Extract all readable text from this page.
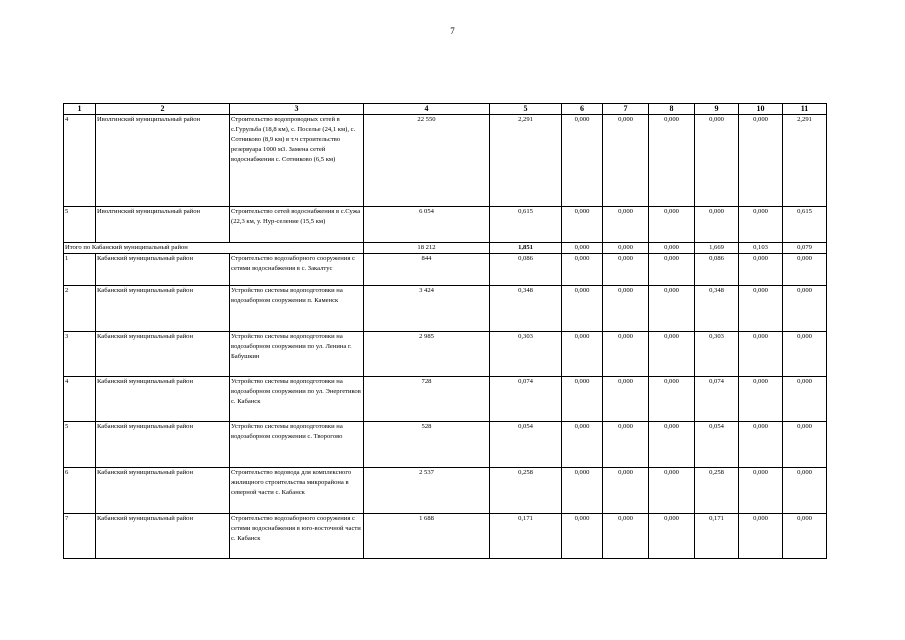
7
1	2	3	4	5	6	7	8	9	10	11
4	Иволгинский муниципальный район	Строительство водопроводных сетей в с.Гурульба (18,8 км), с. Поселье (24,1 км), с. Сотниково (8,9 км) в т.ч строительство резервуара 1000 м3. Замена сетей водоснабжения с. Сотниково (6,5 км)	22 550	2,291	0,000	0,000	0,000	0,000	0,000	2,291
5	Иволгинский муниципальный район	Строительство сетей водоснабжения в с.Сужа (22,3 км, у. Нур-селение (15,5 км)	6 054	0,615	0,000	0,000	0,000	0,000	0,000	0,615
Итого по Кабанский муниципальный район			18 212	1,851	0,000	0,000	0,000	1,669	0,103	0,079
1	Кабанский муниципальный район	Строительство водозаборного сооружения с сетями водоснабжения в с. Закалтус	844	0,086	0,000	0,000	0,000	0,086	0,000	0,000
2	Кабанский муниципальный район	Устройство системы водоподготовки на водозаборном сооружении п. Каменск	3 424	0,348	0,000	0,000	0,000	0,348	0,000	0,000
3	Кабанский муниципальный район	Устройство системы водоподготовки на водозаборном сооружении по ул. Ленина г. Бабушкин	2 985	0,303	0,000	0,000	0,000	0,303	0,000	0,000
4	Кабанский муниципальный район	Устройство системы водоподготовки на водозаборном сооружении по ул. Энергетиков с. Кабанск	728	0,074	0,000	0,000	0,000	0,074	0,000	0,000
5	Кабанский муниципальный район	Устройство системы водоподготовки на водозаборном сооружении с. Творогово	528	0,054	0,000	0,000	0,000	0,054	0,000	0,000
6	Кабанский муниципальный район	Строительство водовода для комплексного жилищного строительства микрорайона в северной части с. Кабанск	2 537	0,258	0,000	0,000	0,000	0,258	0,000	0,000
7	Кабанский муниципальный район	Строительство водозаборного сооружения с сетями водоснабжения в юго-восточной части с. Кабанск	1 688	0,171	0,000	0,000	0,000	0,171	0,000	0,000
